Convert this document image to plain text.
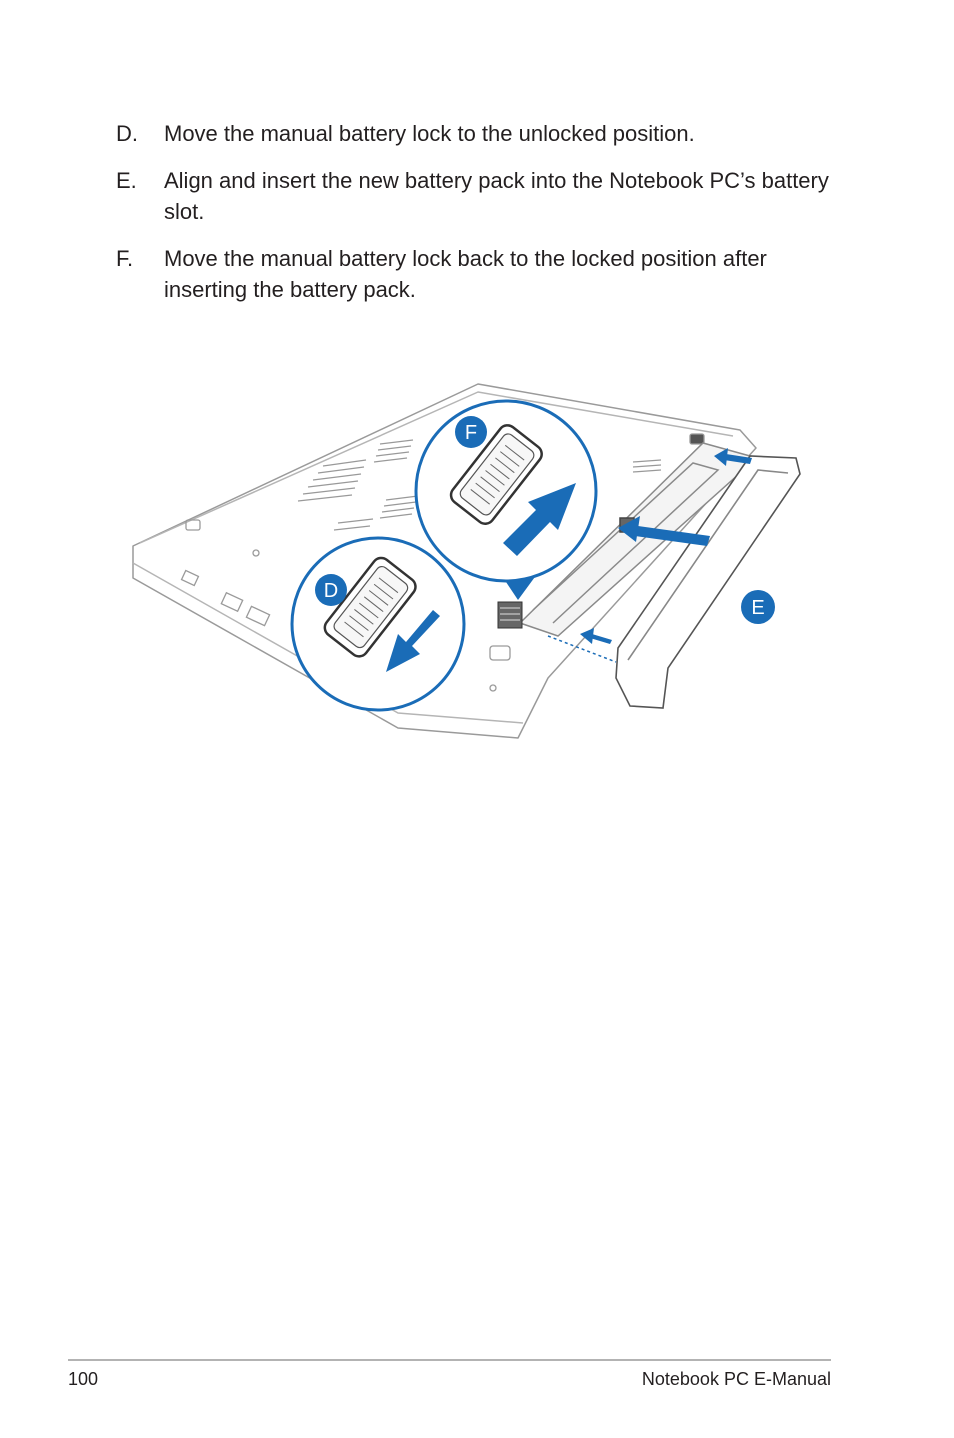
D. Move the manual battery lock to the unlocked position.
E. Align and insert the new battery pack into the Notebook PC’s battery slot.
F. Move the manual battery lock back to the locked position after inserting the battery pack.
F
D
E
100	Notebook PC E-Manual
